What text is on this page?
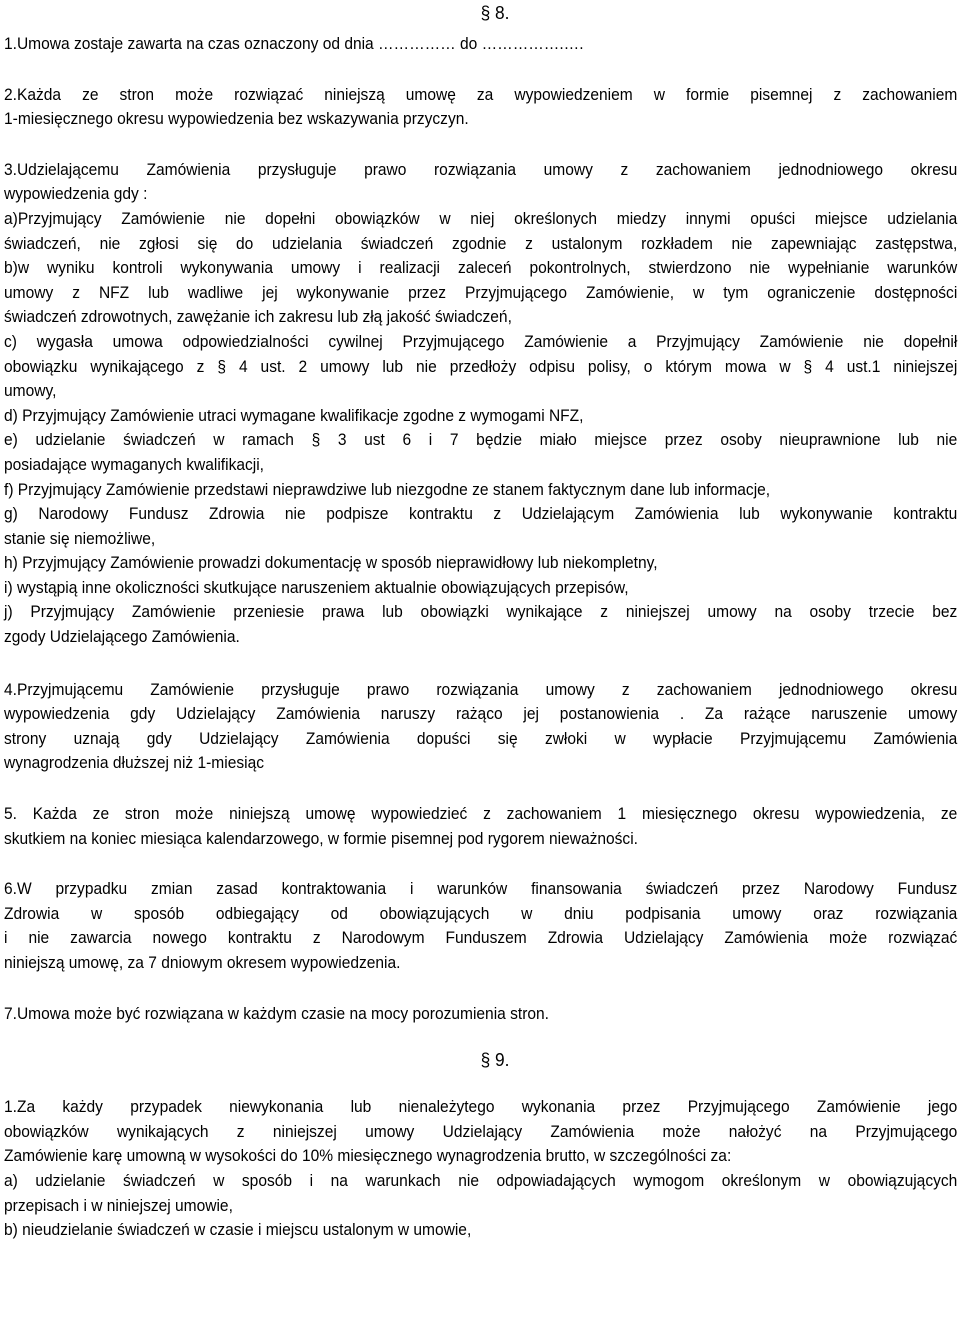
§ 8.

1.Umowa zostaje zawarta na czas oznaczony od dnia …………… do …………….….

2.Każda ze stron może rozwiązać niniejszą umowę za wypowiedzeniem w formie pisemnej z zachowaniem
1-miesięcznego okresu wypowiedzenia bez wskazywania przyczyn.

3.Udzielającemu Zamówienia przysługuje prawo rozwiązania umowy z zachowaniem jednodniowego okresu
wypowiedzenia gdy :
a)Przyjmujący Zamówienie nie dopełni obowiązków w niej określonych miedzy innymi opuści miejsce udzielania
świadczeń, nie zgłosi się do udzielania świadczeń zgodnie z ustalonym rozkładem nie zapewniając zastępstwa,
b)w wyniku kontroli wykonywania umowy i realizacji zaleceń pokontrolnych, stwierdzono nie wypełnianie warunków
umowy z NFZ lub wadliwe jej wykonywanie przez Przyjmującego Zamówienie, w tym ograniczenie dostępności
świadczeń zdrowotnych, zawężanie ich zakresu lub złą jakość świadczeń,
c) wygasła umowa odpowiedzialności cywilnej Przyjmującego Zamówienie a Przyjmujący Zamówienie nie dopełnił
obowiązku wynikającego z § 4 ust. 2 umowy lub nie przedłoży odpisu polisy, o którym mowa w § 4 ust.1 niniejszej
umowy,
d) Przyjmujący Zamówienie utraci wymagane kwalifikacje zgodne z wymogami NFZ,
e) udzielanie świadczeń w ramach § 3 ust 6 i 7 będzie miało miejsce przez osoby nieuprawnione lub nie
posiadające wymaganych kwalifikacji,
f) Przyjmujący Zamówienie przedstawi nieprawdziwe lub niezgodne ze stanem faktycznym dane lub informacje,
g) Narodowy Fundusz Zdrowia nie podpisze kontraktu z Udzielającym Zamówienia lub wykonywanie kontraktu
stanie się niemożliwe,
h) Przyjmujący Zamówienie prowadzi dokumentację w sposób nieprawidłowy lub niekompletny,
i) wystąpią inne okoliczności skutkujące naruszeniem aktualnie obowiązujących przepisów,
j) Przyjmujący Zamówienie przeniesie prawa lub obowiązki wynikające z niniejszej umowy na osoby trzecie bez
zgody Udzielającego Zamówienia.

4.Przyjmującemu Zamówienie przysługuje prawo rozwiązania umowy z zachowaniem jednodniowego okresu
wypowiedzenia gdy Udzielający Zamówienia naruszy rażąco jej postanowienia . Za rażące naruszenie umowy
strony uznają gdy Udzielający Zamówienia dopuści się zwłoki w wypłacie Przyjmującemu Zamówienia
wynagrodzenia dłuższej niż 1-miesiąc

5. Każda ze stron może niniejszą umowę wypowiedzieć z zachowaniem 1 miesięcznego okresu wypowiedzenia, ze
skutkiem na koniec miesiąca kalendarzowego, w formie pisemnej pod rygorem nieważności.

6.W przypadku zmian zasad kontraktowania i warunków finansowania świadczeń przez Narodowy Fundusz
Zdrowia w sposób odbiegający od obowiązujących w dniu podpisania umowy oraz rozwiązania
i nie zawarcia nowego kontraktu z Narodowym Funduszem Zdrowia Udzielający Zamówienia może rozwiązać
niniejszą umowę, za 7 dniowym okresem wypowiedzenia.

7.Umowa może być rozwiązana w każdym czasie na mocy porozumienia stron.

§ 9.

1.Za każdy przypadek niewykonania lub nienależytego wykonania przez Przyjmującego Zamówienie jego
obowiązków wynikających z niniejszej umowy Udzielający Zamówienia może nałożyć na Przyjmującego
Zamówienie karę umowną w wysokości do 10% miesięcznego wynagrodzenia brutto, w szczególności za:
a) udzielanie świadczeń w sposób i na warunkach nie odpowiadających wymogom określonym w obowiązujących
przepisach i w niniejszej umowie,
b) nieudzielanie świadczeń w czasie i miejscu ustalonym w umowie,
